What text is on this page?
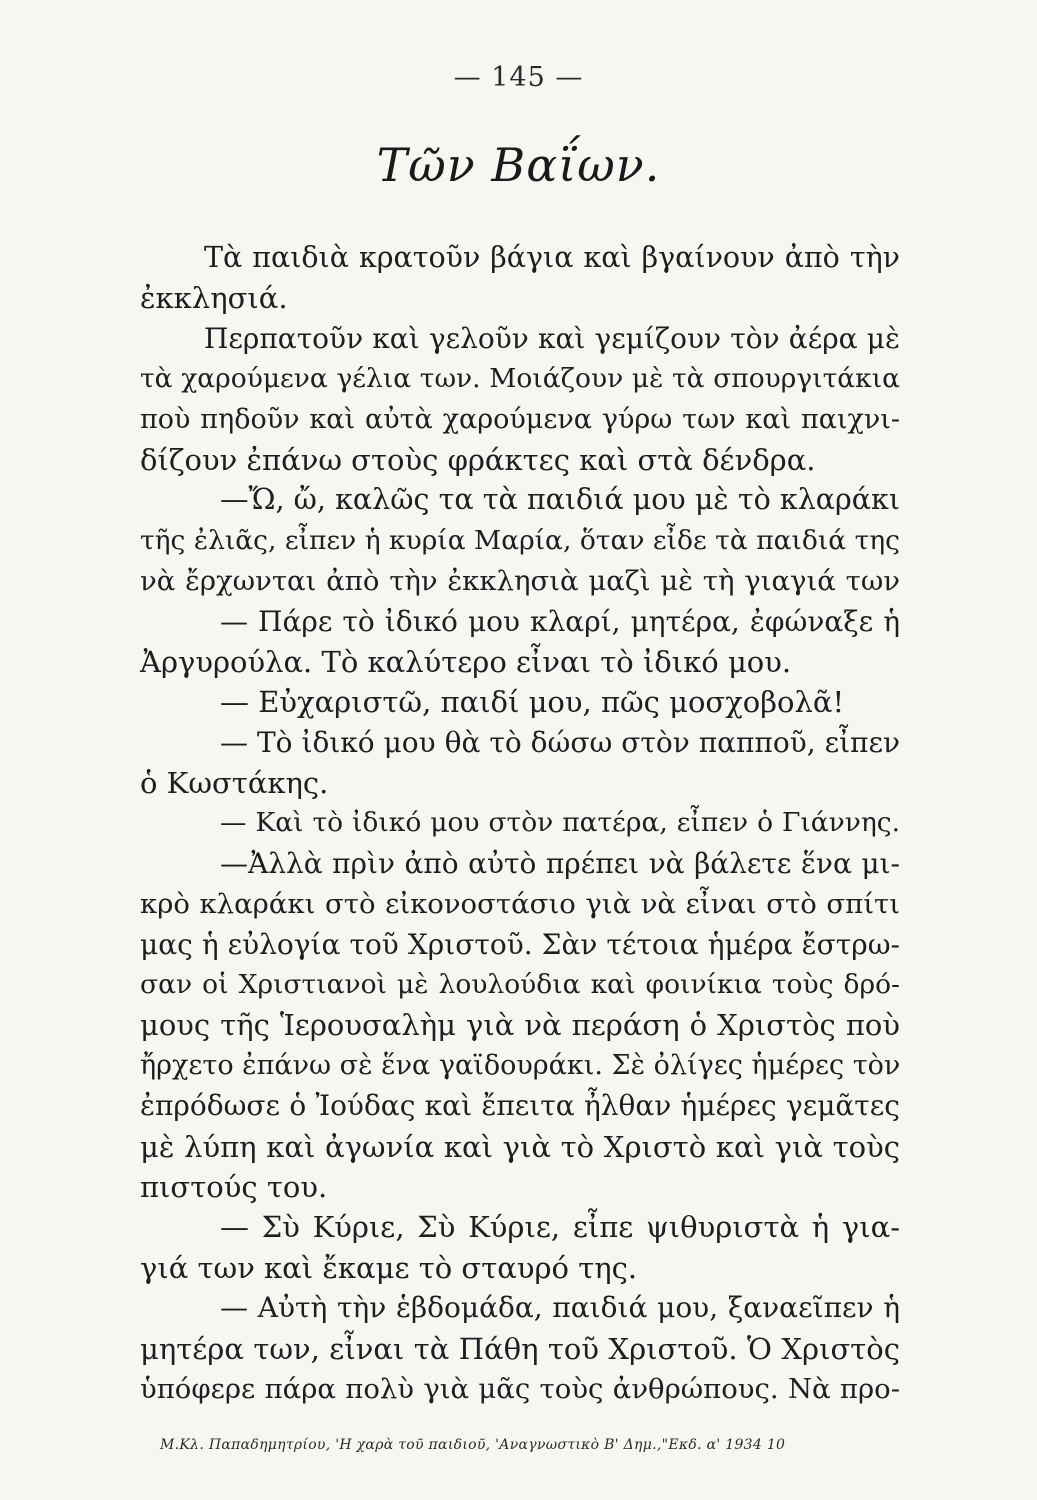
— 145 —
Τῶν Βαΐων.
Τὰ παιδιὰ κρατοῦν βάγια καὶ βγαίνουν ἀπὸ τὴν
ἐκκλησιά.
Περπατοῦν καὶ γελοῦν καὶ γεμίζουν τὸν ἀέρα μὲ
τὰ χαρούμενα γέλια των. Μοιάζουν μὲ τὰ σπουργιτάκια
ποὺ πηδοῦν καὶ αὐτὰ χαρούμενα γύρω των καὶ παιχνι-
δίζουν ἐπάνω στοὺς φράκτες καὶ στὰ δένδρα.
—Ὤ, ὤ, καλῶς τα τὰ παιδιά μου μὲ τὸ κλαράκι
τῆς ἐλιᾶς, εἶπεν ἡ κυρία Μαρία, ὅταν εἶδε τὰ παιδιά της
νὰ ἔρχωνται ἀπὸ τὴν ἐκκλησιὰ μαζὶ μὲ τὴ γιαγιά των
— Πάρε τὸ ἰδικό μου κλαρί, μητέρα, ἐφώναξε ἡ
Ἀργυρούλα. Τὸ καλύτερο εἶναι τὸ ἰδικό μου.
— Εὐχαριστῶ, παιδί μου, πῶς μοσχοβολᾶ!
— Τὸ ἰδικό μου θὰ τὸ δώσω στὸν παπποῦ, εἶπεν
ὁ Κωστάκης.
— Καὶ τὸ ἰδικό μου στὸν πατέρα, εἶπεν ὁ Γιάννης.
—Ἀλλὰ πρὶν ἀπὸ αὐτὸ πρέπει νὰ βάλετε ἕνα μι-
κρὸ κλαράκι στὸ εἰκονοστάσιο γιὰ νὰ εἶναι στὸ σπίτι
μας ἡ εὐλογία τοῦ Χριστοῦ. Σὰν τέτοια ἡμέρα ἔστρω-
σαν οἱ Χριστιανοὶ μὲ λουλούδια καὶ φοινίκια τοὺς δρό-
μους τῆς Ἱερουσαλὴμ γιὰ νὰ περάση ὁ Χριστὸς ποὺ
ἤρχετο ἐπάνω σὲ ἕνα γαϊδουράκι. Σὲ ὀλίγες ἡμέρες τὸν
ἐπρόδωσε ὁ Ἰούδας καὶ ἔπειτα ἦλθαν ἡμέρες γεμᾶτες
μὲ λύπη καὶ ἀγωνία καὶ γιὰ τὸ Χριστὸ καὶ γιὰ τοὺς
πιστούς του.
— Σὺ Κύριε, Σὺ Κύριε, εἶπε ψιθυριστὰ ἡ για-
γιά των καὶ ἔκαμε τὸ σταυρό της.
— Αὐτὴ τὴν ἑβδομάδα, παιδιά μου, ξαναεῖπεν ἡ
μητέρα των, εἶναι τὰ Πάθη τοῦ Χριστοῦ. Ὁ Χριστὸς
ὑπόφερε πάρα πολὺ γιὰ μᾶς τοὺς ἀνθρώπους. Νὰ προ-
Μ.Κλ. Παπαδημητρίου, 'Η χαρὰ τοῦ παιδιοῦ, 'Αναγνωστικὸ Β' Δημ.,"Εκδ. α' 1934 10
